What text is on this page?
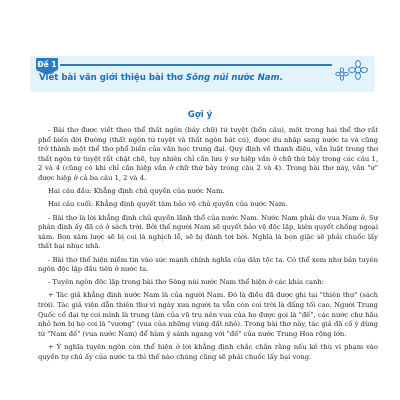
Đề 1
Viết bài văn giới thiệu bài thơ Sông núi nước Nam.
Gợi ý

- Bài thơ được viết theo thể thất ngôn (bảy chữ) tứ tuyệt (bốn câu), một trong hai thể thơ rất phổ biến đời Đường (thất ngôn tứ tuyệt và thất ngôn bát cú), được du nhập sang nước ta và cũng trở thành một thể thơ phổ biến của văn học trung đại. Quy định về thanh điệu, vần luật trong thơ thất ngôn tứ tuyệt rất chặt chẽ, tuy nhiên chỉ cần lưu ý sự hiệp vần ở chữ thứ bảy trong các câu 1, 2 và 4 (cũng có khi chỉ cần hiệp vần ở chữ thứ bảy trong câu 2 và 4). Trong bài thơ này, vần "ư" được hiệp ở cả ba câu 1, 2 và 4.

Hai câu đầu: Khẳng định chủ quyền của nước Nam.

Hai câu cuối: Khẳng định quyết tâm bảo vệ chủ quyền của nước Nam.

- Bài thơ là lời khẳng định chủ quyền lãnh thổ của nước Nam. Nước Nam phải do vua Nam ở. Sự phân định ấy đã có ở sách trời. Bởi thế người Nam sẽ quyết bảo vệ độc lập, kiên quyết chống ngoại xâm. Bọn xâm lược sẽ bị coi là nghịch lỗ, sẽ bị đánh tơi bời. Nghĩa là bọn giặc sẽ phải chuốc lấy thất bại nhục nhã.

- Bài thơ thể hiện niềm tin vào sức mạnh chính nghĩa của dân tộc ta. Có thể xem như bản tuyên ngôn độc lập đầu tiên ở nước ta.

- Tuyên ngôn độc lập trong bài thơ Sông núi nước Nam thể hiện ở các khía cạnh:

+ Tác giả khẳng định nước Nam là của người Nam. Đó là điều đã được ghi tại "thiên thư" (sách trời). Tác giả viện dẫn thiên thư vì ngày xưa người ta vẫn còn coi trời là đấng tối cao. Người Trung Quốc cổ đại tự coi mình là trung tâm của vũ trụ nên vua của họ được gọi là "đế", các nước chư hầu nhỏ hơn bị họ coi là "vương" (vua của những vùng đất nhỏ). Trong bài thơ này, tác giả đã cố ý dùng từ "Nam đế" (vua nước Nam) để hàm ý sánh ngang với "đế" của nước Trung Hoa rộng lớn.

+ Ý nghĩa tuyên ngôn còn thể hiện ở lời khẳng định chắc chắn rằng nếu kẻ thù vi phạm vào quyền tự chủ ấy của nước ta thì thế nào chúng cũng sẽ phải chuốc lấy bại vong.
